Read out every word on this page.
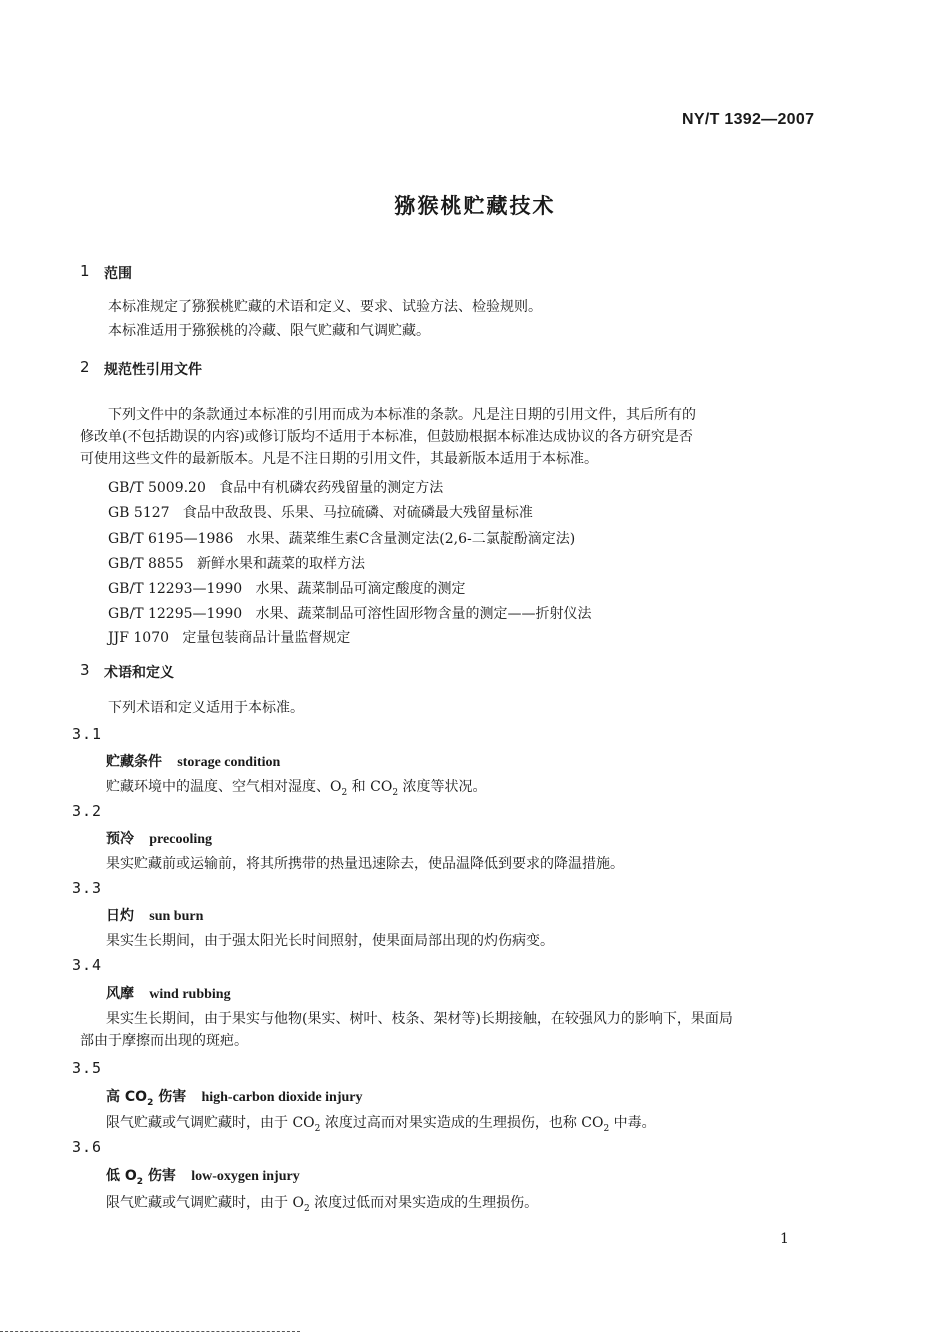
NY/T 1392—2007
猕猴桃贮藏技术
1 范围
本标准规定了猕猴桃贮藏的术语和定义、要求、试验方法、检验规则。
本标准适用于猕猴桃的冷藏、限气贮藏和气调贮藏。
2 规范性引用文件
下列文件中的条款通过本标准的引用而成为本标准的条款。凡是注日期的引用文件，其后所有的
修改单(不包括勘误的内容)或修订版均不适用于本标准，但鼓励根据本标准达成协议的各方研究是否
可使用这些文件的最新版本。凡是不注日期的引用文件，其最新版本适用于本标准。
GB/T 5009.20 食品中有机磷农药残留量的测定方法
GB 5127 食品中敌敌畏、乐果、马拉硫磷、对硫磷最大残留量标准
GB/T 6195—1986 水果、蔬菜维生素C含量测定法(2,6-二氯靛酚滴定法)
GB/T 8855 新鲜水果和蔬菜的取样方法
GB/T 12293—1990 水果、蔬菜制品可滴定酸度的测定
GB/T 12295—1990 水果、蔬菜制品可溶性固形物含量的测定——折射仪法
JJF 1070 定量包装商品计量监督规定
3 术语和定义
下列术语和定义适用于本标准。
3.1
贮藏条件 storage condition
贮藏环境中的温度、空气相对湿度、$O_2$ 和 $CO_2$ 浓度等状况。
3.2
预冷 precooling
果实贮藏前或运输前，将其所携带的热量迅速除去，使品温降低到要求的降温措施。
3.3
日灼 sun burn
果实生长期间，由于强太阳光长时间照射，使果面局部出现的灼伤病变。
3.4
风摩 wind rubbing
果实生长期间，由于果实与他物(果实、树叶、枝条、架材等)长期接触，在较强风力的影响下，果面局
部由于摩擦而出现的斑疤。
3.5
高 $CO_2$ 伤害 high-carbon dioxide injury
限气贮藏或气调贮藏时，由于 $CO_2$ 浓度过高而对果实造成的生理损伤，也称 $CO_2$ 中毒。
3.6
低 $O_2$ 伤害 low-oxygen injury
限气贮藏或气调贮藏时，由于 $O_2$ 浓度过低而对果实造成的生理损伤。
1
